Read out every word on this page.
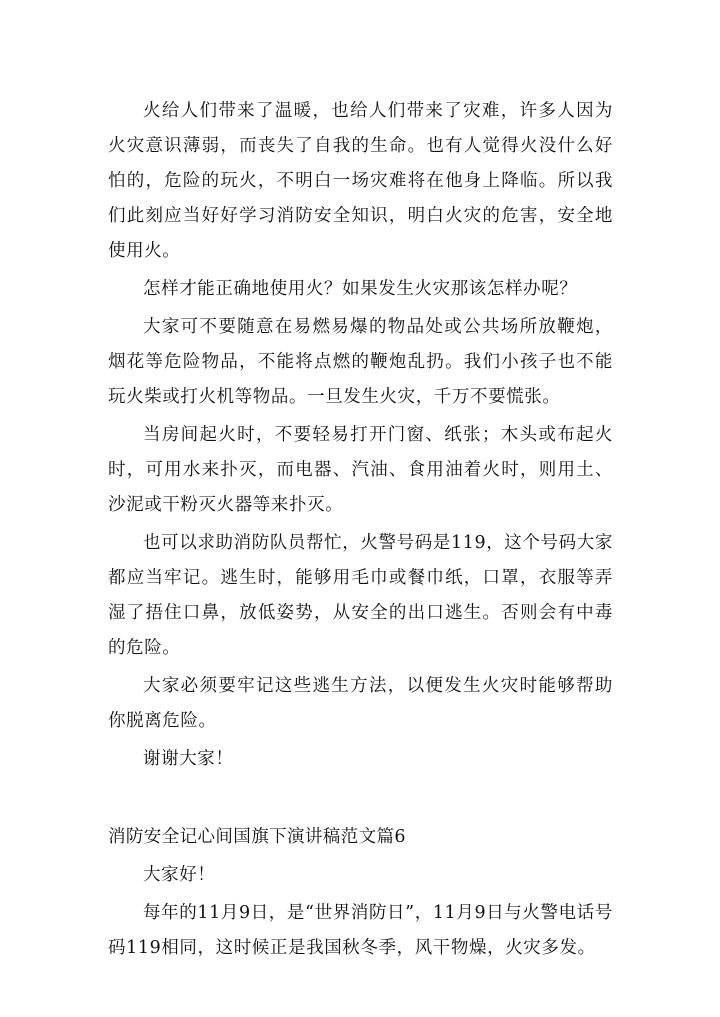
火给人们带来了温暖，也给人们带来了灾难，许多人因为火灾意识薄弱，而丧失了自我的生命。也有人觉得火没什么好怕的，危险的玩火，不明白一场灾难将在他身上降临。所以我们此刻应当好好学习消防安全知识，明白火灾的危害，安全地使用火。

怎样才能正确地使用火？如果发生火灾那该怎样办呢？

大家可不要随意在易燃易爆的物品处或公共场所放鞭炮，烟花等危险物品，不能将点燃的鞭炮乱扔。我们小孩子也不能玩火柴或打火机等物品。一旦发生火灾，千万不要慌张。

当房间起火时，不要轻易打开门窗、纸张；木头或布起火时，可用水来扑灭，而电器、汽油、食用油着火时，则用土、沙泥或干粉灭火器等来扑灭。

也可以求助消防队员帮忙，火警号码是119，这个号码大家都应当牢记。逃生时，能够用毛巾或餐巾纸，口罩，衣服等弄湿了捂住口鼻，放低姿势，从安全的出口逃生。否则会有中毒的危险。

大家必须要牢记这些逃生方法，以便发生火灾时能够帮助你脱离危险。

谢谢大家！

消防安全记心间国旗下演讲稿范文篇6

大家好！

每年的11月9日，是“世界消防日”，11月9日与火警电话号码119相同，这时候正是我国秋冬季，风干物燥，火灾多发。
